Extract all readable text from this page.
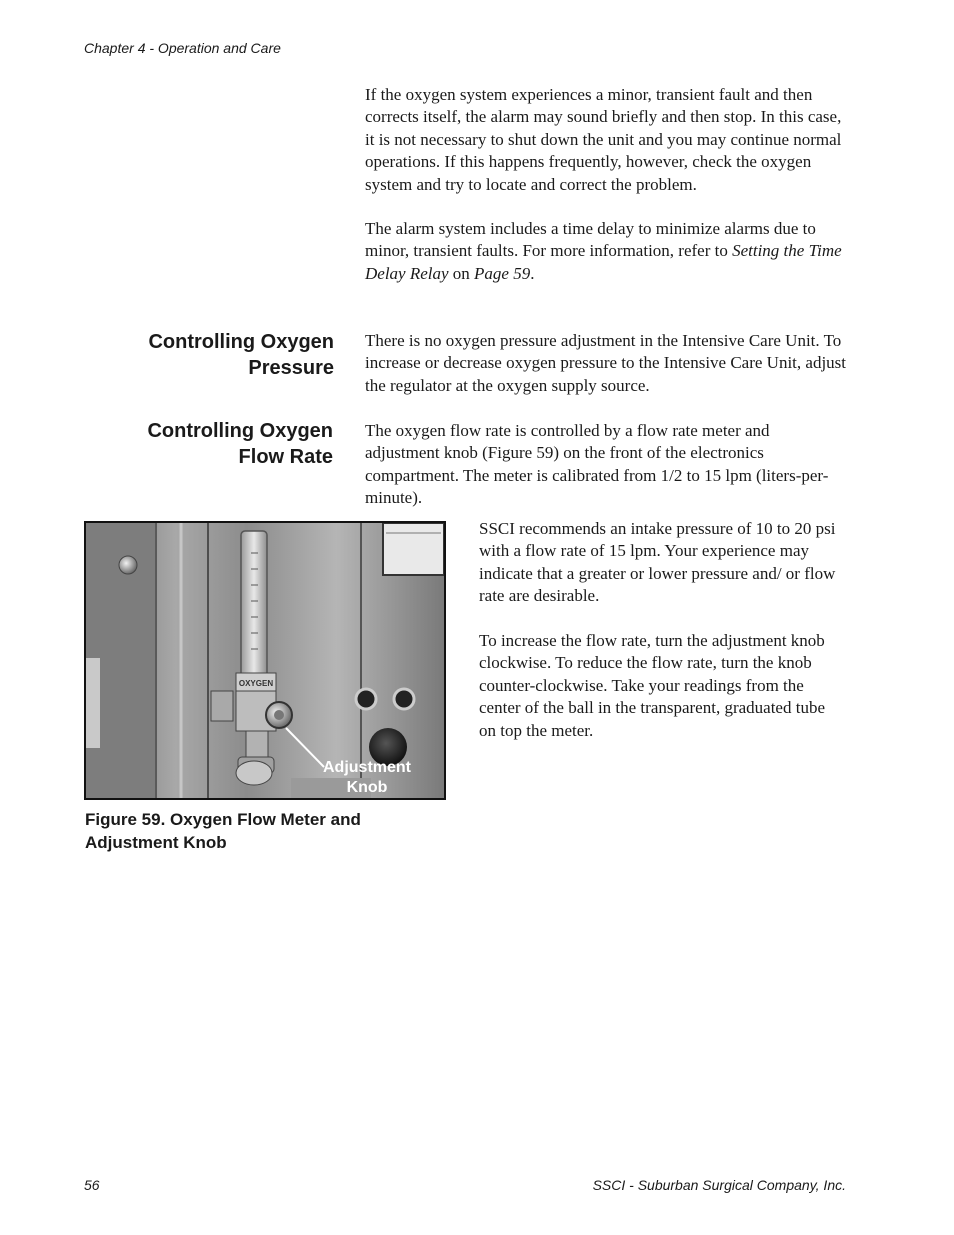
Chapter 4 - Operation and Care

If the oxygen system experiences a minor, transient fault and then corrects itself, the alarm may sound briefly and then stop. In this case, it is not necessary to shut down the unit and you may continue normal operations. If this happens frequently, however, check the oxygen system and try to locate and correct the problem.

The alarm system includes a time delay to minimize alarms due to minor, transient faults. For more information, refer to Setting the Time Delay Relay on Page 59.

Controlling Oxygen
Pressure

There is no oxygen pressure adjustment in the Intensive Care Unit. To increase or decrease oxygen pressure to the Intensive Care Unit, adjust the regulator at the oxygen supply source.

Controlling Oxygen
Flow Rate

The oxygen flow rate is controlled by a flow rate meter and adjustment knob (Figure 59) on the front of the electronics compartment. The meter is calibrated from 1/2 to 15 lpm (liters-per-minute).

OXYGEN
Adjustment
Knob
Figure 59. Oxygen Flow Meter and Adjustment Knob

SSCI recommends an intake pressure of 10 to 20 psi with a flow rate of 15 lpm. Your experience may indicate that a greater or lower pressure and/ or flow rate are desirable.

To increase the flow rate, turn the adjustment knob clockwise. To reduce the flow rate, turn the knob counter-clockwise. Take your readings from the center of the ball in the transparent, graduated tube on top the meter.

56	SSCI - Suburban Surgical Company, Inc.
